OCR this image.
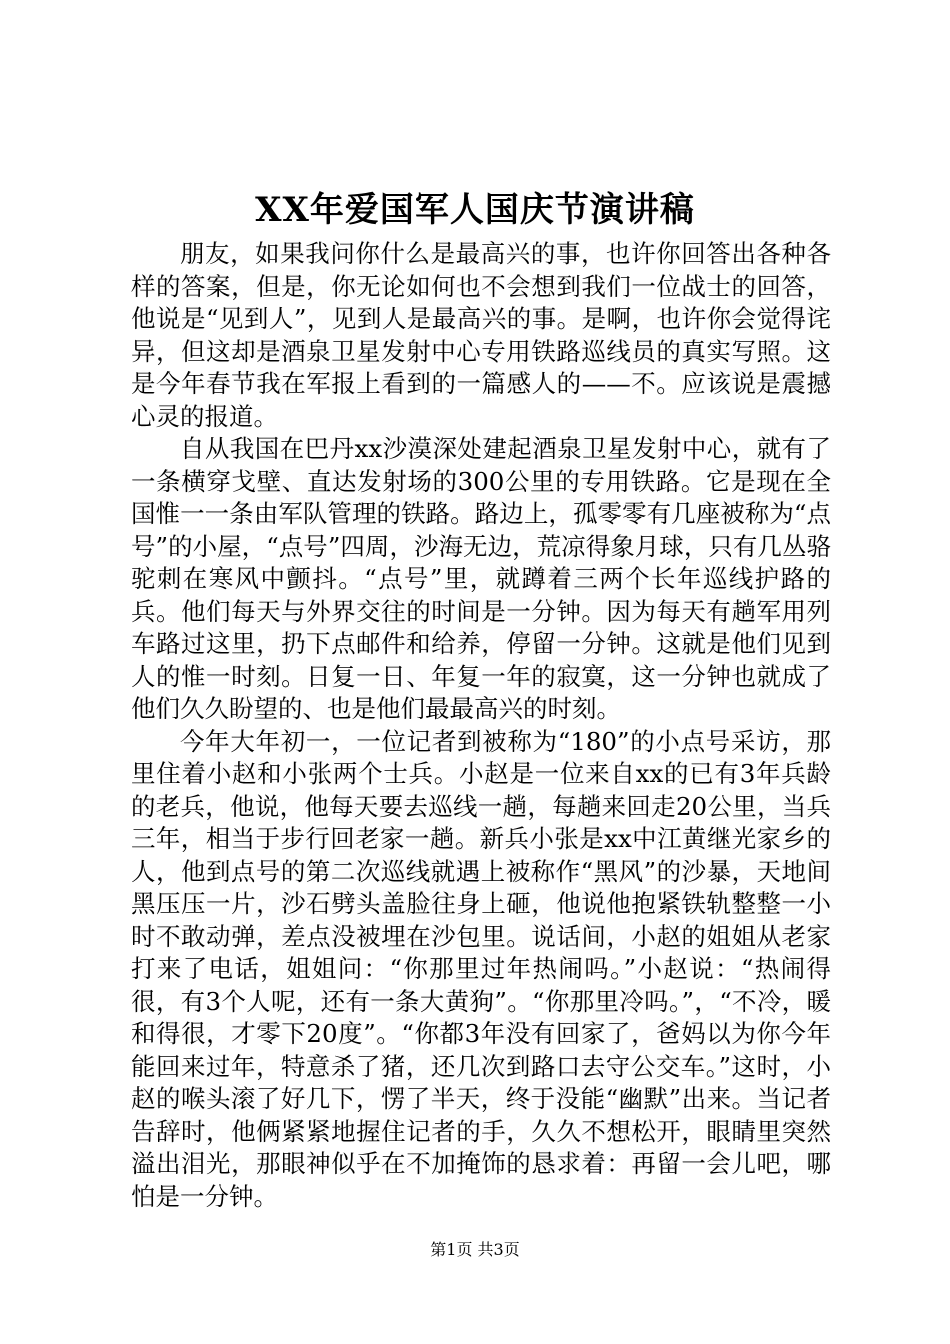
XX年爱国军人国庆节演讲稿

朋友，如果我问你什么是最高兴的事，也许你回答出各种各样的答案，但是，你无论如何也不会想到我们一位战士的回答，他说是“见到人”，见到人是最高兴的事。是啊，也许你会觉得诧异，但这却是酒泉卫星发射中心专用铁路巡线员的真实写照。这是今年春节我在军报上看到的一篇感人的——不。应该说是震撼心灵的报道。

自从我国在巴丹xx沙漠深处建起酒泉卫星发射中心，就有了一条横穿戈壁、直达发射场的300公里的专用铁路。它是现在全国惟一一条由军队管理的铁路。路边上，孤零零有几座被称为“点号”的小屋，“点号”四周，沙海无边，荒凉得象月球，只有几丛骆驼刺在寒风中颤抖。“点号”里，就蹲着三两个长年巡线护路的兵。他们每天与外界交往的时间是一分钟。因为每天有趟军用列车路过这里，扔下点邮件和给养，停留一分钟。这就是他们见到人的惟一时刻。日复一日、年复一年的寂寞，这一分钟也就成了他们久久盼望的、也是他们最最高兴的时刻。

今年大年初一，一位记者到被称为“180”的小点号采访，那里住着小赵和小张两个士兵。小赵是一位来自xx的已有3年兵龄的老兵，他说，他每天要去巡线一趟，每趟来回走20公里，当兵三年，相当于步行回老家一趟。新兵小张是xx中江黄继光家乡的人，他到点号的第二次巡线就遇上被称作“黑风”的沙暴，天地间黑压压一片，沙石劈头盖脸往身上砸，他说他抱紧铁轨整整一小时不敢动弹，差点没被埋在沙包里。说话间，小赵的姐姐从老家打来了电话，姐姐问：“你那里过年热闹吗。”小赵说：“热闹得很，有3个人呢，还有一条大黄狗”。“你那里冷吗。”，“不冷，暖和得很，才零下20度”。“你都3年没有回家了，爸妈以为你今年能回来过年，特意杀了猪，还几次到路口去守公交车。”这时，小赵的喉头滚了好几下，愣了半天，终于没能“幽默”出来。当记者告辞时，他俩紧紧地握住记者的手，久久不想松开，眼睛里突然溢出泪光，那眼神似乎在不加掩饰的恳求着：再留一会儿吧，哪怕是一分钟。

第1页 共3页
